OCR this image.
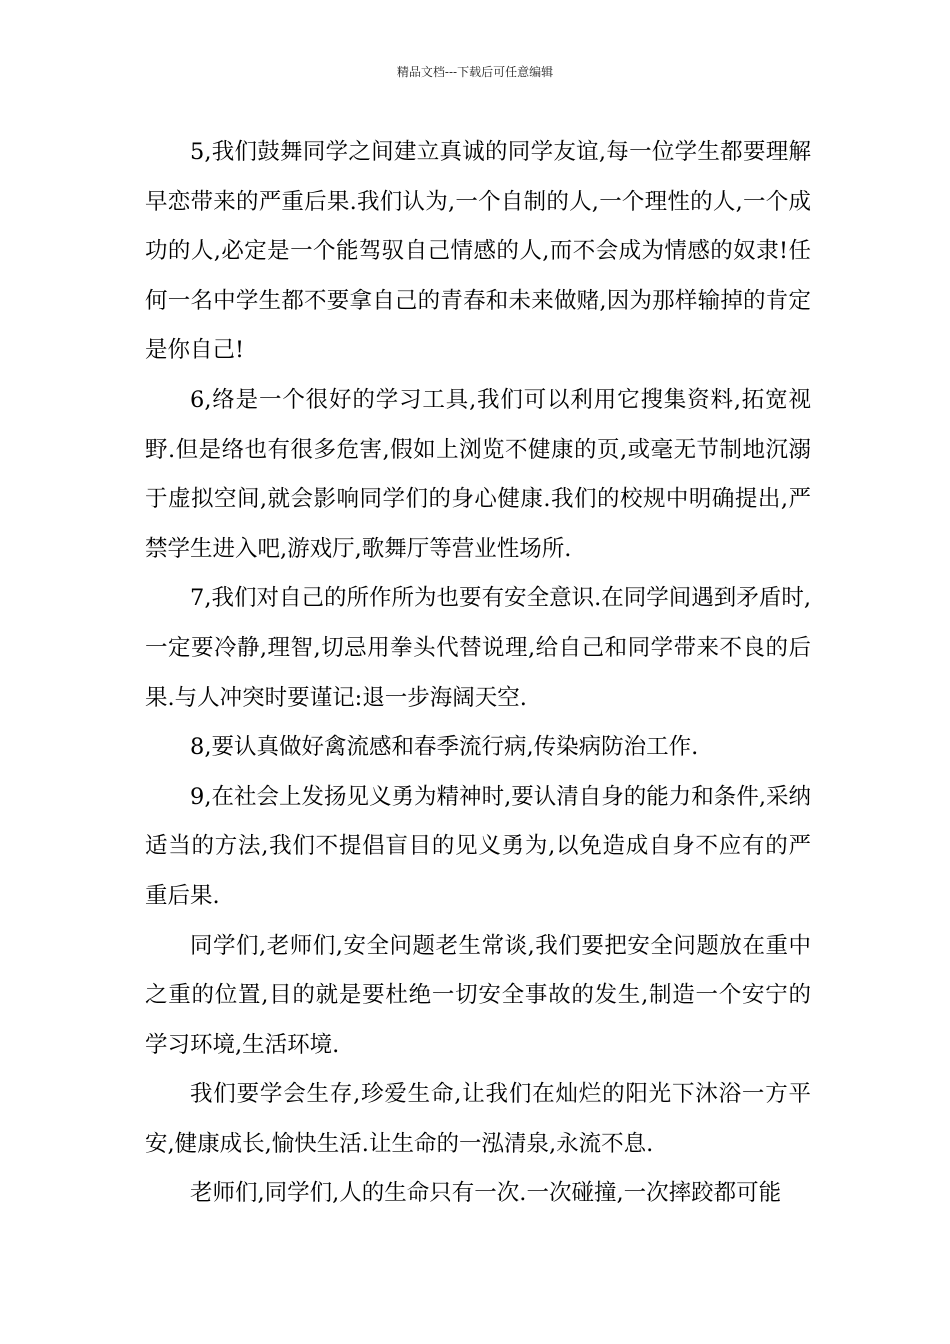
精品文档---下载后可任意编辑

5,我们鼓舞同学之间建立真诚的同学友谊,每一位学生都要理解早恋带来的严重后果.我们认为,一个自制的人,一个理性的人,一个成功的人,必定是一个能驾驭自己情感的人,而不会成为情感的奴隶!任何一名中学生都不要拿自己的青春和未来做赌,因为那样输掉的肯定是你自己!

6,络是一个很好的学习工具,我们可以利用它搜集资料,拓宽视野.但是络也有很多危害,假如上浏览不健康的页,或毫无节制地沉溺于虚拟空间,就会影响同学们的身心健康.我们的校规中明确提出,严禁学生进入吧,游戏厅,歌舞厅等营业性场所.

7,我们对自己的所作所为也要有安全意识.在同学间遇到矛盾时,一定要冷静,理智,切忌用拳头代替说理,给自己和同学带来不良的后果.与人冲突时要谨记:退一步海阔天空.

8,要认真做好禽流感和春季流行病,传染病防治工作.

9,在社会上发扬见义勇为精神时,要认清自身的能力和条件,采纳适当的方法,我们不提倡盲目的见义勇为,以免造成自身不应有的严重后果.

同学们,老师们,安全问题老生常谈,我们要把安全问题放在重中之重的位置,目的就是要杜绝一切安全事故的发生,制造一个安宁的学习环境,生活环境.

我们要学会生存,珍爱生命,让我们在灿烂的阳光下沐浴一方平安,健康成长,愉快生活.让生命的一泓清泉,永流不息.

老师们,同学们,人的生命只有一次.一次碰撞,一次摔跤都可能
